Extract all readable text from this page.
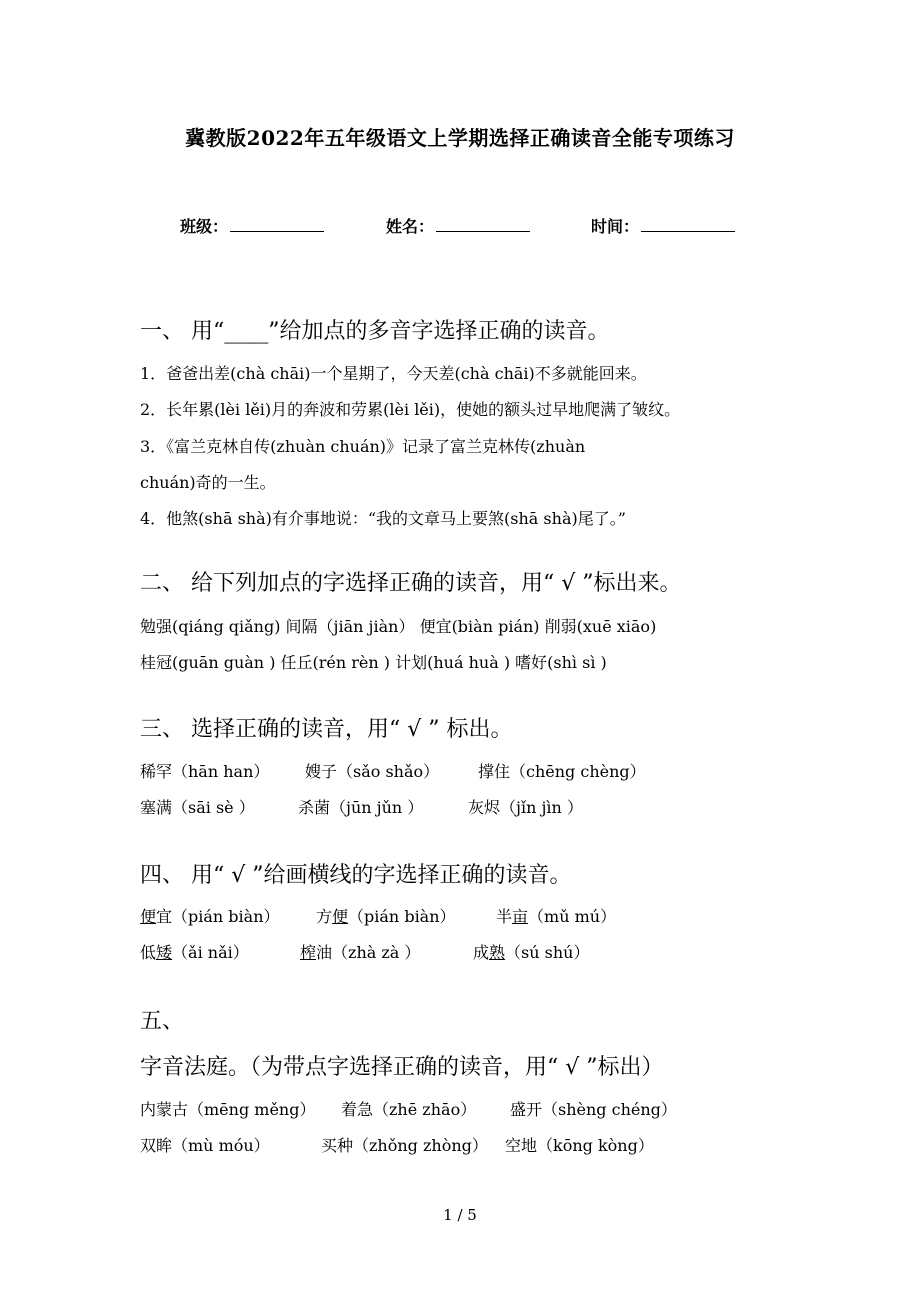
冀教版2022年五年级语文上学期选择正确读音全能专项练习
班级：	姓名：	时间：
一、 用“____”给加点的多音字选择正确的读音。
1．爸爸出差(chà chāi)一个星期了，今天差(chà chāi)不多就能回来。
2．长年累(lèi lěi)月的奔波和劳累(lèi lěi)，使她的额头过早地爬满了皱纹。
3．《富兰克林自传(zhuàn chuán)》记录了富兰克林传(zhuàn
chuán)奇的一生。
4．他煞(shā shà)有介事地说：“我的文章马上要煞(shā shà)尾了。”
二、 给下列加点的字选择正确的读音，用“ √ ”标出来。
勉强(qiáng qiǎng) 间隔（jiān jiàn） 便宜(biàn pián) 削弱(xuē xiāo)
桂冠(guān guàn ) 任丘(rén rèn ) 计划(huá huà ) 嗜好(shì sì )
三、 选择正确的读音，用“ √ ” 标出。
稀罕（hān han） 嫂子（sǎo shǎo） 撑住（chēng chèng）
塞满（sāi sè ）	杀菌（jūn jǔn ）	灰烬（jǐn jìn ）
四、 用“ √ ”给画横线的字选择正确的读音。
便宜（pián biàn） 方便（pián biàn）	半亩（mǔ mú）
低矮（ǎi nǎi）	榨油（zhà zà ）	成熟（sú shú）
五、
字音法庭。（为带点字选择正确的读音，用“ √ ”标出）
内蒙古（mēng měng） 着急（zhē zhāo） 盛开（shèng chéng）
双眸（mù móu）	买种（zhǒng zhòng） 空地（kōng kòng）
1 / 5
